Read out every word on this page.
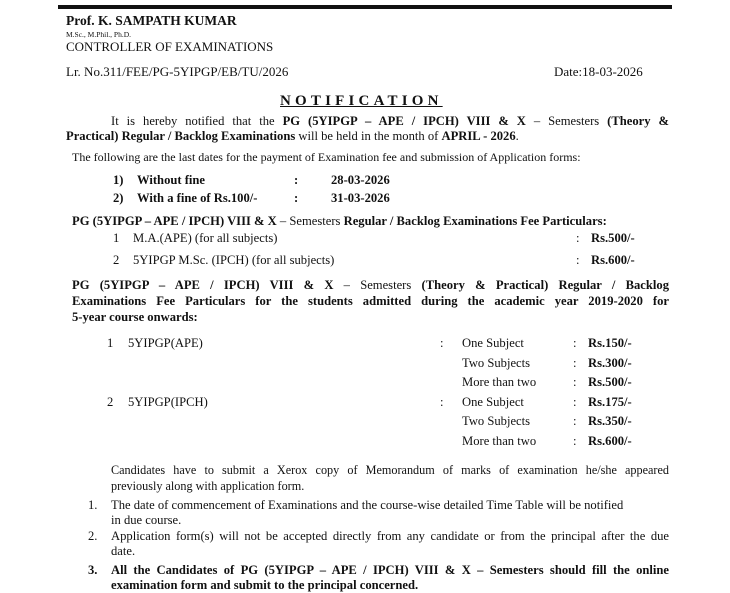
Prof. K. SAMPATH KUMAR
M.Sc., M.Phil., Ph.D.
CONTROLLER OF EXAMINATIONS
Lr. No.311/FEE/PG-5YIPGP/EB/TU/2026	Date:18-03-2026
NOTIFICATION
It is hereby notified that the PG (5YIPGP – APE / IPCH) VIII & X – Semesters (Theory &
Practical) Regular / Backlog Examinations will be held in the month of APRIL - 2026.
The following are the last dates for the payment of Examination fee and submission of Application forms:
1) Without fine	:	28-03-2026
2) With a fine of Rs.100/-	:	31-03-2026
PG (5YIPGP – APE / IPCH) VIII & X – Semesters Regular / Backlog Examinations Fee Particulars:
1 M.A.(APE) (for all subjects)	: Rs.500/-
2 5YIPGP M.Sc. (IPCH) (for all subjects)	: Rs.600/-
PG (5YIPGP – APE / IPCH) VIII & X – Semesters (Theory & Practical) Regular / Backlog
Examinations Fee Particulars for the students admitted during the academic year 2019-2020 for
5-year course onwards:
1 5YIPGP(APE)	: One Subject	: Rs.150/-
Two Subjects	: Rs.300/-
More than two	: Rs.500/-
2 5YIPGP(IPCH)	: One Subject	: Rs.175/-
Two Subjects	: Rs.350/-
More than two	: Rs.600/-
Candidates have to submit a Xerox copy of Memorandum of marks of examination he/she appeared
previously along with application form.
1. The date of commencement of Examinations and the course-wise detailed Time Table will be notified
in due course.
2. Application form(s) will not be accepted directly from any candidate or from the principal after the due
date.
3. All the Candidates of PG (5YIPGP – APE / IPCH) VIII & X – Semesters should fill the online
examination form and submit to the principal concerned.
